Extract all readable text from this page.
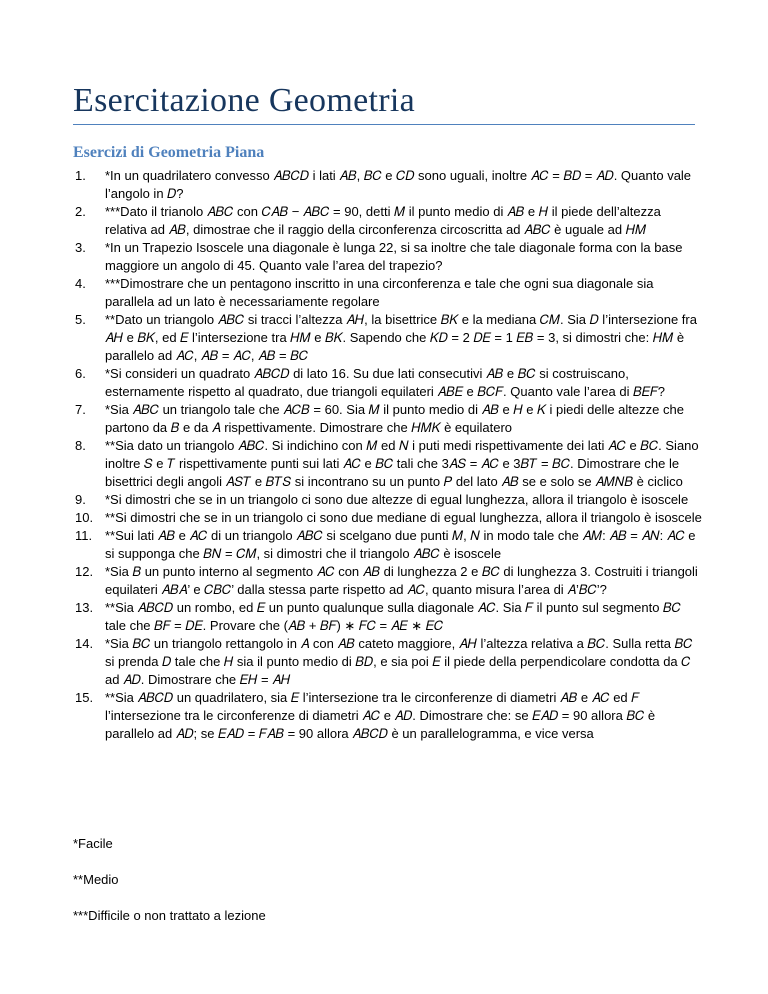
Esercitazione Geometria
Esercizi di Geometria Piana
1.	*In un quadrilatero convesso 𝐴𝐵𝐶𝐷 i lati 𝐴𝐵, 𝐵𝐶 e 𝐶𝐷 sono uguali, inoltre 𝐴𝐶 = 𝐵𝐷 = 𝐴𝐷. Quanto vale l’angolo in 𝐷?
2.	***Dato il trianolo 𝐴𝐵𝐶 con 𝐶𝐴𝐵 − 𝐴𝐵𝐶 = 90, detti 𝑀 il punto medio di 𝐴𝐵 e 𝐻 il piede dell’altezza relativa ad 𝐴𝐵, dimostrae che il raggio della circonferenza circoscritta ad 𝐴𝐵𝐶 è uguale ad 𝐻𝑀
3.	*In un Trapezio Isoscele una diagonale è lunga 22, si sa inoltre che tale diagonale forma con la base maggiore un angolo di 45. Quanto vale l’area del trapezio?
4.	***Dimostrare che un pentagono inscritto in una circonferenza e tale che ogni sua diagonale sia parallela ad un lato è necessariamente regolare
5.	**Dato un triangolo 𝐴𝐵𝐶 si tracci l’altezza 𝐴𝐻, la bisettrice 𝐵𝐾 e la mediana 𝐶𝑀. Sia 𝐷 l’intersezione fra 𝐴𝐻 e 𝐵𝐾, ed 𝐸 l’intersezione tra 𝐻𝑀 e 𝐵𝐾. Sapendo che 𝐾𝐷 = 2 𝐷𝐸 = 1 𝐸𝐵 = 3, si dimostri che: 𝐻𝑀 è parallelo ad 𝐴𝐶, 𝐴𝐵 = 𝐴𝐶, 𝐴𝐵 = 𝐵𝐶
6.	*Si consideri un quadrato 𝐴𝐵𝐶𝐷 di lato 16. Su due lati consecutivi 𝐴𝐵 e 𝐵𝐶 si costruiscano, esternamente rispetto al quadrato, due triangoli equilateri 𝐴𝐵𝐸 e 𝐵𝐶𝐹. Quanto vale l’area di 𝐵𝐸𝐹?
7.	*Sia 𝐴𝐵𝐶 un triangolo tale che 𝐴𝐶𝐵 = 60. Sia 𝑀 il punto medio di 𝐴𝐵 e 𝐻 e 𝐾 i piedi delle altezze che partono da 𝐵 e da 𝐴 rispettivamente. Dimostrare che 𝐻𝑀𝐾 è equilatero
8.	**Sia dato un triangolo 𝐴𝐵𝐶. Si indichino con 𝑀 ed 𝑁 i puti medi rispettivamente dei lati 𝐴𝐶 e 𝐵𝐶. Siano inoltre 𝑆 e 𝑇 rispettivamente punti sui lati 𝐴𝐶 e 𝐵𝐶 tali che 3𝐴𝑆 = 𝐴𝐶 e 3𝐵𝑇 = 𝐵𝐶. Dimostrare che le bisettrici degli angoli 𝐴𝑆𝑇 e 𝐵𝑇𝑆 si incontrano su un punto 𝑃 del lato 𝐴𝐵 se e solo se 𝐴𝑀𝑁𝐵 è ciclico
9.	*Si dimostri che se in un triangolo ci sono due altezze di egual lunghezza, allora il triangolo è isoscele
10. **Si dimostri che se in un triangolo ci sono due mediane di egual lunghezza, allora il triangolo è isoscele
11. **Sui lati 𝐴𝐵 e 𝐴𝐶 di un triangolo 𝐴𝐵𝐶 si scelgano due punti 𝑀, 𝑁 in modo tale che 𝐴𝑀: 𝐴𝐵 = 𝐴𝑁: 𝐴𝐶 e si supponga che 𝐵𝑁 = 𝐶𝑀, si dimostri che il triangolo 𝐴𝐵𝐶 è isoscele
12. *Sia 𝐵 un punto interno al segmento 𝐴𝐶 con 𝐴𝐵 di lunghezza 2 e 𝐵𝐶 di lunghezza 3. Costruiti i triangoli equilateri 𝐴𝐵𝐴’ e 𝐶𝐵𝐶’ dalla stessa parte rispetto ad 𝐴𝐶, quanto misura l’area di 𝐴’𝐵𝐶’?
13. **Sia 𝐴𝐵𝐶𝐷 un rombo, ed 𝐸 un punto qualunque sulla diagonale 𝐴𝐶. Sia 𝐹 il punto sul segmento 𝐵𝐶 tale che 𝐵𝐹 = 𝐷𝐸. Provare che (𝐴𝐵 + 𝐵𝐹) ∗ 𝐹𝐶 = 𝐴𝐸 ∗ 𝐸𝐶
14. *Sia 𝐵𝐶 un triangolo rettangolo in 𝐴 con 𝐴𝐵 cateto maggiore, 𝐴𝐻 l’altezza relativa a 𝐵𝐶. Sulla retta 𝐵𝐶 si prenda 𝐷 tale che 𝐻 sia il punto medio di 𝐵𝐷, e sia poi 𝐸 il piede della perpendicolare condotta da 𝐶 ad 𝐴𝐷. Dimostrare che 𝐸𝐻 = 𝐴𝐻
15. **Sia 𝐴𝐵𝐶𝐷 un quadrilatero, sia 𝐸 l’intersezione tra le circonferenze di diametri 𝐴𝐵 e 𝐴𝐶 ed 𝐹 l’intersezione tra le circonferenze di diametri 𝐴𝐶 e 𝐴𝐷. Dimostrare che: se 𝐸𝐴𝐷 = 90 allora 𝐵𝐶 è parallelo ad 𝐴𝐷; se 𝐸𝐴𝐷 = 𝐹𝐴𝐵 = 90 allora 𝐴𝐵𝐶𝐷 è un parallelogramma, e vice versa
*Facile
**Medio
***Difficile o non trattato a lezione
